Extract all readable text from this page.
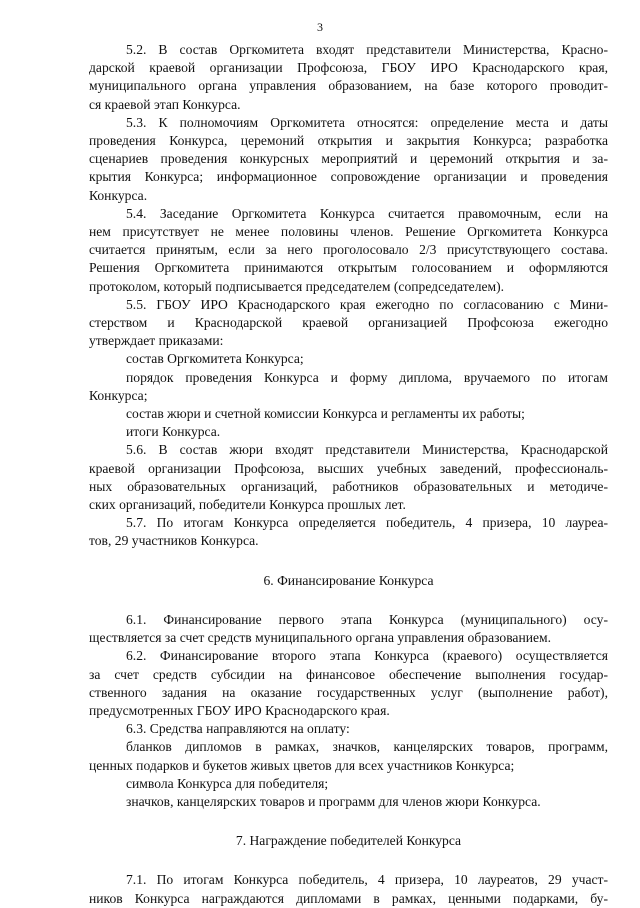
3
5.2. В состав Оргкомитета входят представители Министерства, Красно-
дарской краевой организации Профсоюза, ГБОУ ИРО Краснодарского края,
муниципального органа управления образованием, на базе которого проводит-
ся краевой этап Конкурса.
5.3. К полномочиям Оргкомитета относятся: определение места и даты
проведения Конкурса, церемоний открытия и закрытия Конкурса; разработка
сценариев проведения конкурсных мероприятий и церемоний открытия и за-
крытия Конкурса; информационное сопровождение организации и проведения
Конкурса.
5.4. Заседание Оргкомитета Конкурса считается правомочным, если на
нем присутствует не менее половины членов. Решение Оргкомитета Конкурса
считается принятым, если за него проголосовало 2/3 присутствующего состава.
Решения Оргкомитета принимаются открытым голосованием и оформляются
протоколом, который подписывается председателем (сопредседателем).
5.5. ГБОУ ИРО Краснодарского края ежегодно по согласованию с Мини-
стерством и Краснодарской краевой организацией Профсоюза ежегодно
утверждает приказами:
состав Оргкомитета Конкурса;
порядок проведения Конкурса и форму диплома, вручаемого по итогам
Конкурса;
состав жюри и счетной комиссии Конкурса и регламенты их работы;
итоги Конкурса.
5.6. В состав жюри входят представители Министерства, Краснодарской
краевой организации Профсоюза, высших учебных заведений, профессиональ-
ных образовательных организаций, работников образовательных и методиче-
ских организаций, победители Конкурса прошлых лет.
5.7. По итогам Конкурса определяется победитель, 4 призера, 10 лауреа-
тов, 29 участников Конкурса.
6. Финансирование Конкурса
6.1. Финансирование первого этапа Конкурса (муниципального) осу-
ществляется за счет средств муниципального органа управления образованием.
6.2. Финансирование второго этапа Конкурса (краевого) осуществляется
за счет средств субсидии на финансовое обеспечение выполнения государ-
ственного задания на оказание государственных услуг (выполнение работ),
предусмотренных ГБОУ ИРО Краснодарского края.
6.3. Средства направляются на оплату:
бланков дипломов в рамках, значков, канцелярских товаров, программ,
ценных подарков и букетов живых цветов для всех участников Конкурса;
символа Конкурса для победителя;
значков, канцелярских товаров и программ для членов жюри Конкурса.
7. Награждение победителей Конкурса
7.1. По итогам Конкурса победитель, 4 призера, 10 лауреатов, 29 участ-
ников Конкурса награждаются дипломами в рамках, ценными подарками, бу-
